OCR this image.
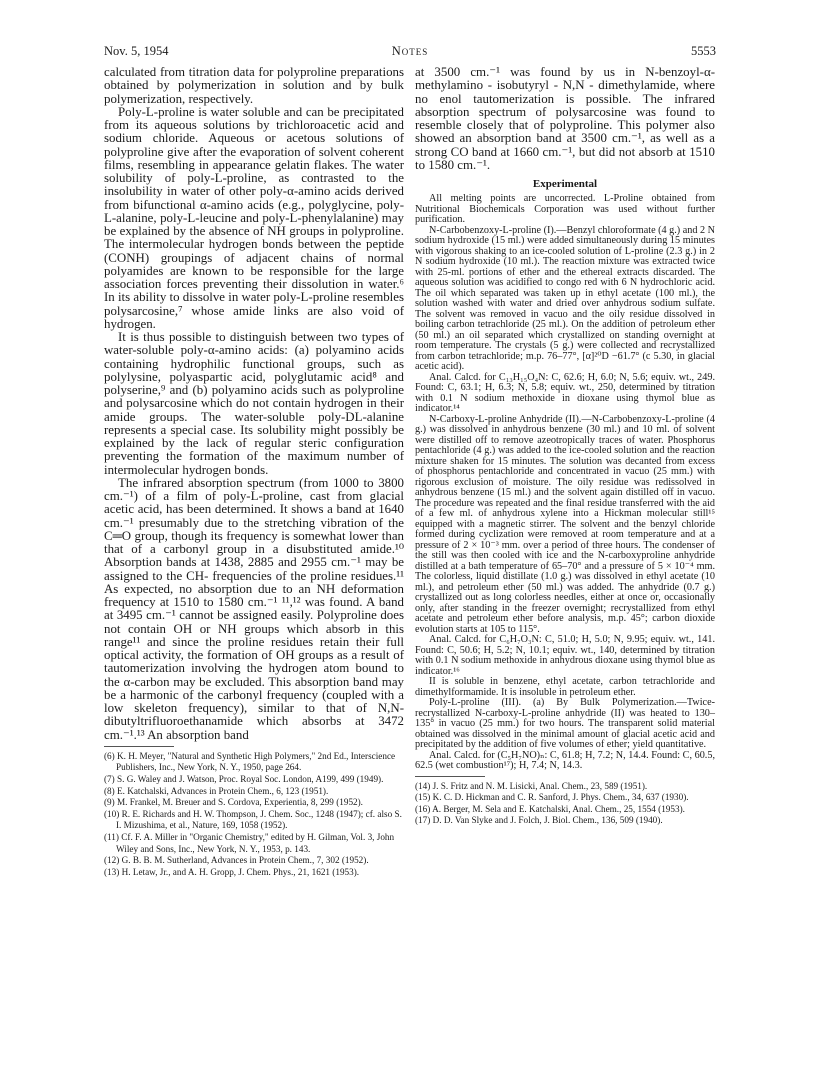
Nov. 5, 1954	Notes	5553

calculated from titration data for polyproline preparations obtained by polymerization in solution and by bulk polymerization, respectively.

Poly-L-proline is water soluble and can be precipitated from its aqueous solutions by trichloroacetic acid and sodium chloride. Aqueous or acetous solutions of polyproline give after the evaporation of solvent coherent films, resembling in appearance gelatin flakes. The water solubility of poly-L-proline, as contrasted to the insolubility in water of other poly-α-amino acids derived from bifunctional α-amino acids (e.g., polyglycine, poly-L-alanine, poly-L-leucine and poly-L-phenylalanine) may be explained by the absence of NH groups in polyproline. The intermolecular hydrogen bonds between the peptide (CONH) groupings of adjacent chains of normal polyamides are known to be responsible for the large association forces preventing their dissolution in water.⁶ In its ability to dissolve in water poly-L-proline resembles polysarcosine,⁷ whose amide links are also void of hydrogen.

It is thus possible to distinguish between two types of water-soluble poly-α-amino acids: (a) polyamino acids containing hydrophilic functional groups, such as polylysine, polyaspartic acid, polyglutamic acid⁸ and polyserine,⁹ and (b) polyamino acids such as polyproline and polysarcosine which do not contain hydrogen in their amide groups. The water-soluble poly-DL-alanine represents a special case. Its solubility might possibly be explained by the lack of regular steric configuration preventing the formation of the maximum number of intermolecular hydrogen bonds.

The infrared absorption spectrum (from 1000 to 3800 cm.⁻¹) of a film of poly-L-proline, cast from glacial acetic acid, has been determined. It shows a band at 1640 cm.⁻¹ presumably due to the stretching vibration of the C═O group, though its frequency is somewhat lower than that of a carbonyl group in a disubstituted amide.¹⁰ Absorption bands at 1438, 2885 and 2955 cm.⁻¹ may be assigned to the CH- frequencies of the proline residues.¹¹ As expected, no absorption due to an NH deformation frequency at 1510 to 1580 cm.⁻¹ ¹¹,¹² was found. A band at 3495 cm.⁻¹ cannot be assigned easily. Polyproline does not contain OH or NH groups which absorb in this range¹¹ and since the proline residues retain their full optical activity, the formation of OH groups as a result of tautomerization involving the hydrogen atom bound to the α-carbon may be excluded. This absorption band may be a harmonic of the carbonyl frequency (coupled with a low skeleton frequency), similar to that of N,N-dibutyltrifluoroethanamide which absorbs at 3472 cm.⁻¹.¹³ An absorption band

(6) K. H. Meyer, "Natural and Synthetic High Polymers," 2nd Ed., Interscience Publishers, Inc., New York, N. Y., 1950, page 264.

(7) S. G. Waley and J. Watson, Proc. Royal Soc. London, A199, 499 (1949).

(8) E. Katchalski, Advances in Protein Chem., 6, 123 (1951).

(9) M. Frankel, M. Breuer and S. Cordova, Experientia, 8, 299 (1952).

(10) R. E. Richards and H. W. Thompson, J. Chem. Soc., 1248 (1947); cf. also S. I. Mizushima, et al., Nature, 169, 1058 (1952).

(11) Cf. F. A. Miller in "Organic Chemistry," edited by H. Gilman, Vol. 3, John Wiley and Sons, Inc., New York, N. Y., 1953, p. 143.

(12) G. B. B. M. Sutherland, Advances in Protein Chem., 7, 302 (1952).

(13) H. Letaw, Jr., and A. H. Gropp, J. Chem. Phys., 21, 1621 (1953).

at 3500 cm.⁻¹ was found by us in N-benzoyl-α-methylamino - isobutyryl - N,N - dimethylamide, where no enol tautomerization is possible. The infrared absorption spectrum of polysarcosine was found to resemble closely that of polyproline. This polymer also showed an absorption band at 3500 cm.⁻¹, as well as a strong CO band at 1660 cm.⁻¹, but did not absorb at 1510 to 1580 cm.⁻¹.

Experimental

All melting points are uncorrected. L-Proline obtained from Nutritional Biochemicals Corporation was used without further purification.

N-Carbobenzoxy-L-proline (I).—Benzyl chloroformate (4 g.) and 2 N sodium hydroxide (15 ml.) were added simultaneously during 15 minutes with vigorous shaking to an ice-cooled solution of L-proline (2.3 g.) in 2 N sodium hydroxide (10 ml.). The reaction mixture was extracted twice with 25-ml. portions of ether and the ethereal extracts discarded. The aqueous solution was acidified to congo red with 6 N hydrochloric acid. The oil which separated was taken up in ethyl acetate (100 ml.), the solution washed with water and dried over anhydrous sodium sulfate. The solvent was removed in vacuo and the oily residue dissolved in boiling carbon tetrachloride (25 ml.). On the addition of petroleum ether (50 ml.) an oil separated which crystallized on standing overnight at room temperature. The crystals (5 g.) were collected and recrystallized from carbon tetrachloride; m.p. 76–77°, [α]²⁰D −61.7° (c 5.30, in glacial acetic acid).

Anal. Calcd. for C₁₃H₁₅O₄N: C, 62.6; H, 6.0; N, 5.6; equiv. wt., 249. Found: C, 63.1; H, 6.3; N, 5.8; equiv. wt., 250, determined by titration with 0.1 N sodium methoxide in dioxane using thymol blue as indicator.¹⁴

N-Carboxy-L-proline Anhydride (II).—N-Carbobenzoxy-L-proline (4 g.) was dissolved in anhydrous benzene (30 ml.) and 10 ml. of solvent were distilled off to remove azeotropically traces of water. Phosphorus pentachloride (4 g.) was added to the ice-cooled solution and the reaction mixture shaken for 15 minutes. The solution was decanted from excess of phosphorus pentachloride and concentrated in vacuo (25 mm.) with rigorous exclusion of moisture. The oily residue was redissolved in anhydrous benzene (15 ml.) and the solvent again distilled off in vacuo. The procedure was repeated and the final residue transferred with the aid of a few ml. of anhydrous xylene into a Hickman molecular still¹⁵ equipped with a magnetic stirrer. The solvent and the benzyl chloride formed during cyclization were removed at room temperature and at a pressure of 2 × 10⁻³ mm. over a period of three hours. The condenser of the still was then cooled with ice and the N-carboxyproline anhydride distilled at a bath temperature of 65–70° and a pressure of 5 × 10⁻⁴ mm. The colorless, liquid distillate (1.0 g.) was dissolved in ethyl acetate (10 ml.), and petroleum ether (50 ml.) was added. The anhydride (0.7 g.) crystallized out as long colorless needles, either at once or, occasionally only, after standing in the freezer overnight; recrystallized from ethyl acetate and petroleum ether before analysis, m.p. 45°; carbon dioxide evolution starts at 105 to 115°.

Anal. Calcd. for C₆H₇O₃N: C, 51.0; H, 5.0; N, 9.95; equiv. wt., 141. Found: C, 50.6; H, 5.2; N, 10.1; equiv. wt., 140, determined by titration with 0.1 N sodium methoxide in anhydrous dioxane using thymol blue as indicator.¹⁶

II is soluble in benzene, ethyl acetate, carbon tetrachloride and dimethylformamide. It is insoluble in petroleum ether.

Poly-L-proline (III). (a) By Bulk Polymerization.—Twice-recrystallized N-carboxy-L-proline anhydride (II) was heated to 130–135° in vacuo (25 mm.) for two hours. The transparent solid material obtained was dissolved in the minimal amount of glacial acetic acid and precipitated by the addition of five volumes of ether; yield quantitative.

Anal. Calcd. for (C₅H₇NO)ₙ: C, 61.8; H, 7.2; N, 14.4. Found: C, 60.5, 62.5 (wet combustion¹⁷); H, 7.4; N, 14.3.

(14) J. S. Fritz and N. M. Lisicki, Anal. Chem., 23, 589 (1951).

(15) K. C. D. Hickman and C. R. Sanford, J. Phys. Chem., 34, 637 (1930).

(16) A. Berger, M. Sela and E. Katchalski, Anal. Chem., 25, 1554 (1953).

(17) D. D. Van Slyke and J. Folch, J. Biol. Chem., 136, 509 (1940).
